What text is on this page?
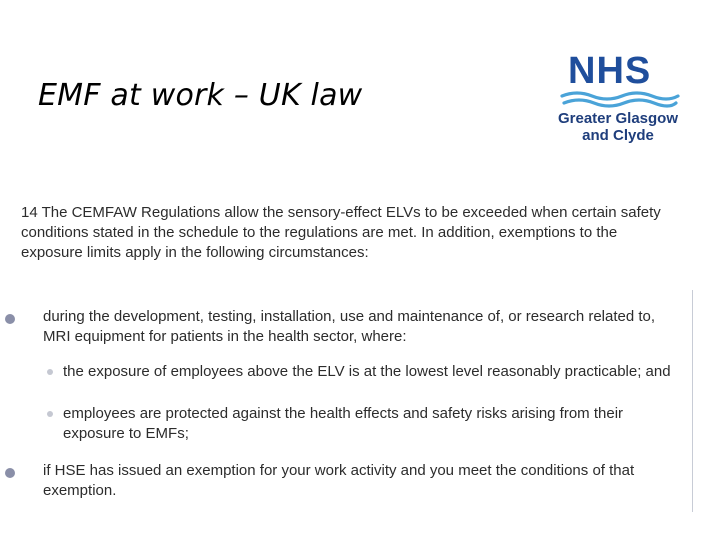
EMF at work – UK law
NHS
Greater Glasgow
and Clyde
14 The CEMFAW Regulations allow the sensory-effect ELVs to be exceeded when certain safety conditions stated in the schedule to the regulations are met. In addition, exemptions to the exposure limits apply in the following circumstances:
during the development, testing, installation, use and maintenance of, or research related to, MRI equipment for patients in the health sector, where:
the exposure of employees above the ELV is at the lowest level reasonably practicable; and
employees are protected against the health effects and safety risks arising from their exposure to EMFs;
if HSE has issued an exemption for your work activity and you meet the conditions of that exemption.
